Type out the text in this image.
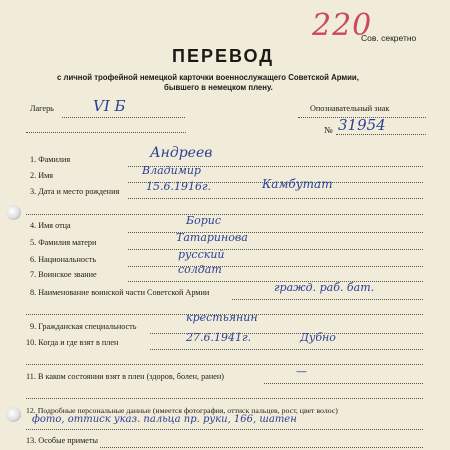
220
Сов. секретно
ПЕРЕВОД
с личной трофейной немецкой карточки военнослужащего Советской Армии,
бывшего в немецком плену.
Лагерь	VI Б	Опознавательный знак
№ 31954
1. Фамилия	Андреев
2. Имя	Владимир
3. Дата и место рождения 15.6.1916г.	Камбутат
4. Имя отца	Борис
5. Фамилия матери	Татаринова
6. Национальность	русский
7. Воинское звание	солдат
8. Наименование воинской части Советской Армии	гражд. раб. бат.
9. Гражданская специальность
крестьянин
10. Когда и где взят в плен	27.6.1941г.	Дубно
11. В каком состоянии взят в плен (здоров, болен, ранен)	—
12. Подробные персональные данные (имеется фотография, оттиск пальцев, рост, цвет волос)
фото, оттиск указ. пальца пр. руки, 166, шатен
13. Особые приметы
